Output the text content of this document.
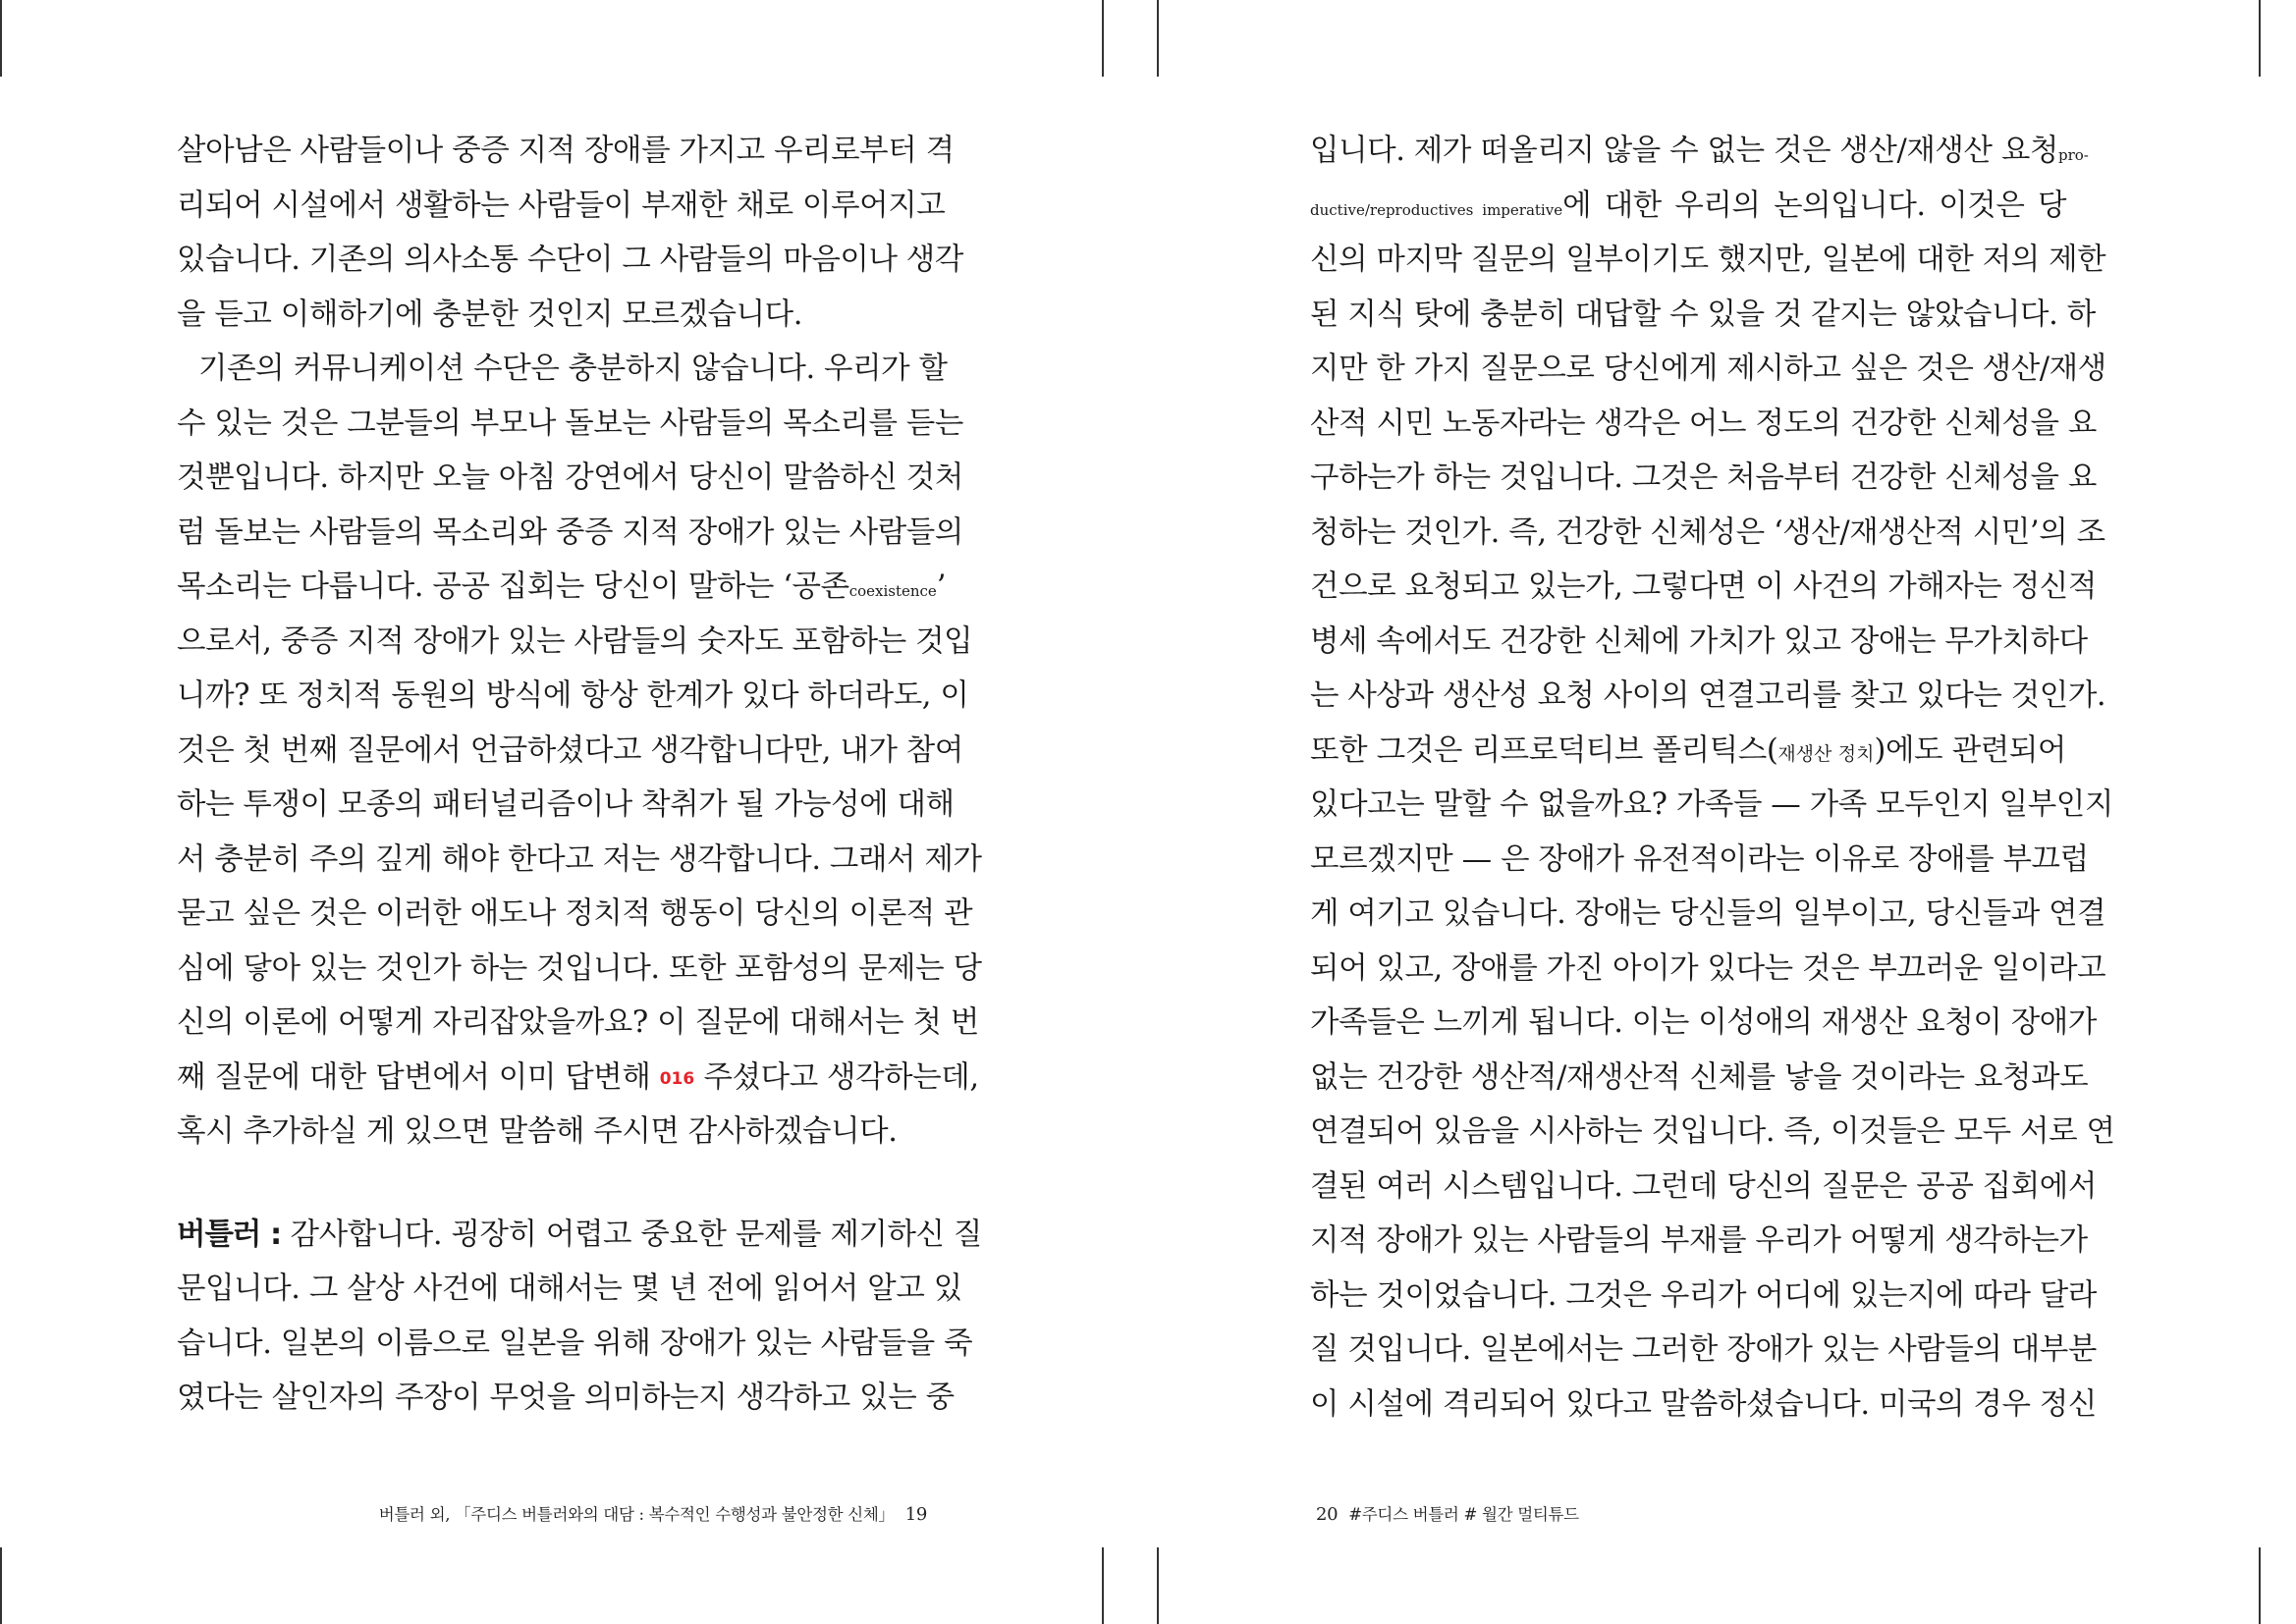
살아남은 사람들이나 중증 지적 장애를 가지고 우리로부터 격
리되어 시설에서 생활하는 사람들이 부재한 채로 이루어지고
있습니다. 기존의 의사소통 수단이 그 사람들의 마음이나 생각
을 듣고 이해하기에 충분한 것인지 모르겠습니다.
기존의 커뮤니케이션 수단은 충분하지 않습니다. 우리가 할
수 있는 것은 그분들의 부모나 돌보는 사람들의 목소리를 듣는
것뿐입니다. 하지만 오늘 아침 강연에서 당신이 말씀하신 것처
럼 돌보는 사람들의 목소리와 중증 지적 장애가 있는 사람들의
목소리는 다릅니다. 공공 집회는 당신이 말하는 ‘공존coexistence’
으로서, 중증 지적 장애가 있는 사람들의 숫자도 포함하는 것입
니까? 또 정치적 동원의 방식에 항상 한계가 있다 하더라도, 이
것은 첫 번째 질문에서 언급하셨다고 생각합니다만, 내가 참여
하는 투쟁이 모종의 패터널리즘이나 착취가 될 가능성에 대해
서 충분히 주의 깊게 해야 한다고 저는 생각합니다. 그래서 제가
묻고 싶은 것은 이러한 애도나 정치적 행동이 당신의 이론적 관
심에 닿아 있는 것인가 하는 것입니다. 또한 포함성의 문제는 당
신의 이론에 어떻게 자리잡았을까요? 이 질문에 대해서는 첫 번
째 질문에 대한 답변에서 이미 답변해 016 주셨다고 생각하는데,
혹시 추가하실 게 있으면 말씀해 주시면 감사하겠습니다.
버틀러 : 감사합니다. 굉장히 어렵고 중요한 문제를 제기하신 질
문입니다. 그 살상 사건에 대해서는 몇 년 전에 읽어서 알고 있
습니다. 일본의 이름으로 일본을 위해 장애가 있는 사람들을 죽
였다는 살인자의 주장이 무엇을 의미하는지 생각하고 있는 중
버틀러 외, 「주디스 버틀러와의 대담 : 복수적인 수행성과 불안정한 신체」 19
입니다. 제가 떠올리지 않을 수 없는 것은 생산/재생산 요청pro-
ductive/reproductives imperative에 대한 우리의 논의입니다. 이것은 당
신의 마지막 질문의 일부이기도 했지만, 일본에 대한 저의 제한
된 지식 탓에 충분히 대답할 수 있을 것 같지는 않았습니다. 하
지만 한 가지 질문으로 당신에게 제시하고 싶은 것은 생산/재생
산적 시민 노동자라는 생각은 어느 정도의 건강한 신체성을 요
구하는가 하는 것입니다. 그것은 처음부터 건강한 신체성을 요
청하는 것인가. 즉, 건강한 신체성은 ‘생산/재생산적 시민’의 조
건으로 요청되고 있는가, 그렇다면 이 사건의 가해자는 정신적
병세 속에서도 건강한 신체에 가치가 있고 장애는 무가치하다
는 사상과 생산성 요청 사이의 연결고리를 찾고 있다는 것인가.
또한 그것은 리프로덕티브 폴리틱스(재생산 정치)에도 관련되어
있다고는 말할 수 없을까요? 가족들 — 가족 모두인지 일부인지
모르겠지만 — 은 장애가 유전적이라는 이유로 장애를 부끄럽
게 여기고 있습니다. 장애는 당신들의 일부이고, 당신들과 연결
되어 있고, 장애를 가진 아이가 있다는 것은 부끄러운 일이라고
가족들은 느끼게 됩니다. 이는 이성애의 재생산 요청이 장애가
없는 건강한 생산적/재생산적 신체를 낳을 것이라는 요청과도
연결되어 있음을 시사하는 것입니다. 즉, 이것들은 모두 서로 연
결된 여러 시스템입니다. 그런데 당신의 질문은 공공 집회에서
지적 장애가 있는 사람들의 부재를 우리가 어떻게 생각하는가
하는 것이었습니다. 그것은 우리가 어디에 있는지에 따라 달라
질 것입니다. 일본에서는 그러한 장애가 있는 사람들의 대부분
이 시설에 격리되어 있다고 말씀하셨습니다. 미국의 경우 정신
20 #주디스 버틀러 # 월간 멀티튜드
